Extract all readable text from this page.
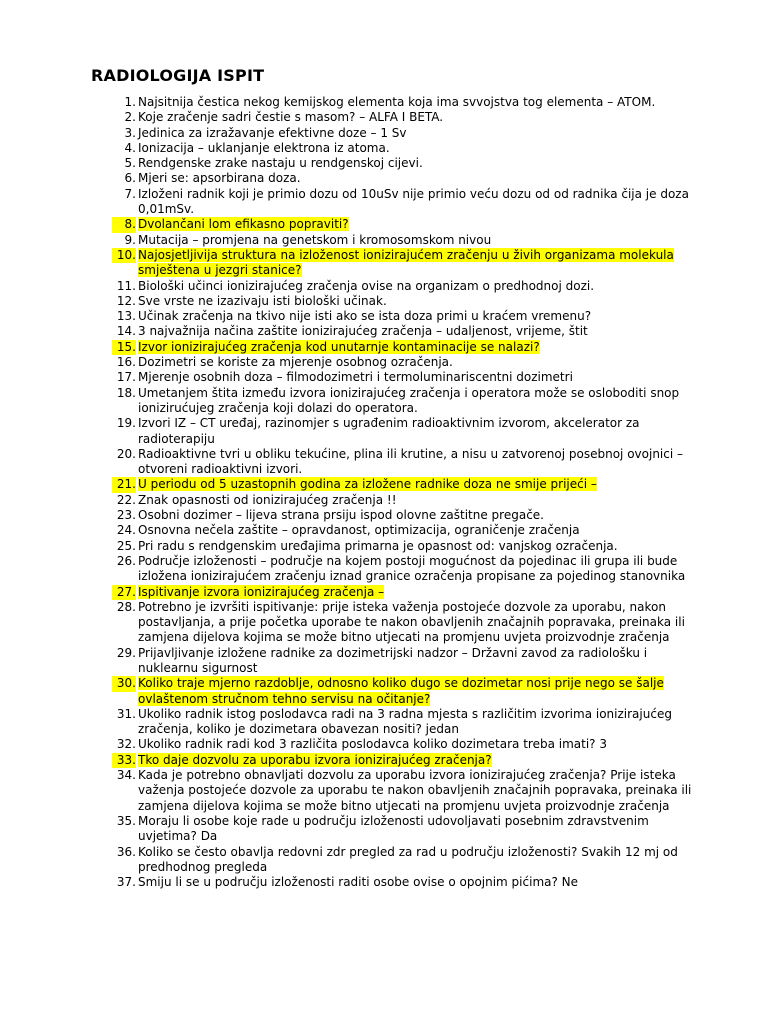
RADIOLOGIJA ISPIT
1. Najsitnija čestica nekog kemijskog elementa koja ima svvojstva tog elementa – ATOM.
2. Koje zračenje sadri čestie s masom? – ALFA I BETA.
3. Jedinica za izražavanje efektivne doze – 1 Sv
4. Ionizacija – uklanjanje elektrona iz atoma.
5. Rendgenske zrake nastaju u rendgenskoj cijevi.
6. Mjeri se: apsorbirana doza.
7. Izloženi radnik koji je primio dozu od 10uSv nije primio veću dozu od od radnika čija je doza 0,01mSv.
8. Dvolančani lom efikasno popraviti?
9. Mutacija – promjena na genetskom i kromosomskom nivou
10. Najosjetljivija struktura na izloženost ionizirajućem zračenju u živih organizama molekula smještena u jezgri stanice?
11. Biološki učinci ionizirajućeg zračenja ovise na organizam o predhodnoj dozi.
12. Sve vrste ne izazivaju isti biološki učinak.
13. Učinak zračenja na tkivo nije isti ako se ista doza primi u kraćem vremenu?
14. 3 najvažnija načina zaštite ionizirajućeg zračenja – udaljenost, vrijeme, štit
15. Izvor ionizirajućeg zračenja kod unutarnje kontaminacije se nalazi?
16. Dozimetri se koriste za mjerenje osobnog ozračenja.
17. Mjerenje osobnih doza – filmodozimetri i termoluminariscentni dozimetri
18. Umetanjem štita između izvora ionizirajućeg zračenja i operatora može se osloboditi snop ionizirućujeg zračenja koji dolazi do operatora.
19. Izvori IZ – CT uređaj, razinomjer s ugrađenim radioaktivnim izvorom, akcelerator za radioterapiju
20. Radioaktivne tvri u obliku tekućine, plina ili krutine, a nisu u zatvorenoj posebnoj ovojnici – otvoreni radioaktivni izvori.
21. U periodu od 5 uzastopnih godina za izložene radnike doza ne smije prijeći –
22. Znak opasnosti od ionizirajućeg zračenja !!
23. Osobni dozimer – lijeva strana prsiju ispod olovne zaštitne pregače.
24. Osnovna nečela zaštite – opravdanost, optimizacija, ograničenje zračenja
25. Pri radu s rendgenskim uređajima primarna je opasnost od: vanjskog ozračenja.
26. Područje izloženosti – područje na kojem postoji mogućnost da pojedinac ili grupa ili bude izložena ionizirajućem zračenju iznad granice ozračenja propisane za pojedinog stanovnika
27. Ispitivanje izvora ionizirajućeg zračenja –
28. Potrebno je izvršiti ispitivanje: prije isteka važenja postojeće dozvole za uporabu, nakon postavljanja, a prije početka uporabe te nakon obavljenih značajnih popravaka, preinaka ili zamjena dijelova kojima se može bitno utjecati na promjenu uvjeta proizvodnje zračenja
29. Prijavljivanje izložene radnike za dozimetrijski nadzor – Državni zavod za radiološku i nuklearnu sigurnost
30. Koliko traje mjerno razdoblje, odnosno koliko dugo se dozimetar nosi prije nego se šalje ovlaštenom stručnom tehno servisu na očitanje?
31. Ukoliko radnik istog poslodavca radi na 3 radna mjesta s različitim izvorima ionizirajućeg zračenja, koliko je dozimetara obavezan nositi? jedan
32. Ukoliko radnik radi kod 3 različita poslodavca koliko dozimetara treba imati? 3
33. Tko daje dozvolu za uporabu izvora ionizirajućeg zračenja?
34. Kada je potrebno obnavljati dozvolu za uporabu izvora ionizirajućeg zračenja? Prije isteka važenja postojeće dozvole za uporabu te nakon obavljenih značajnih popravaka, preinaka ili zamjena dijelova kojima se može bitno utjecati na promjenu uvjeta proizvodnje zračenja
35. Moraju li osobe koje rade u području izloženosti udovoljavati posebnim zdravstvenim uvjetima? Da
36. Koliko se često obavlja redovni zdr pregled za rad u području izloženosti? Svakih 12 mj od predhodnog pregleda
37. Smiju li se u području izloženosti raditi osobe ovise o opojnim pićima? Ne
